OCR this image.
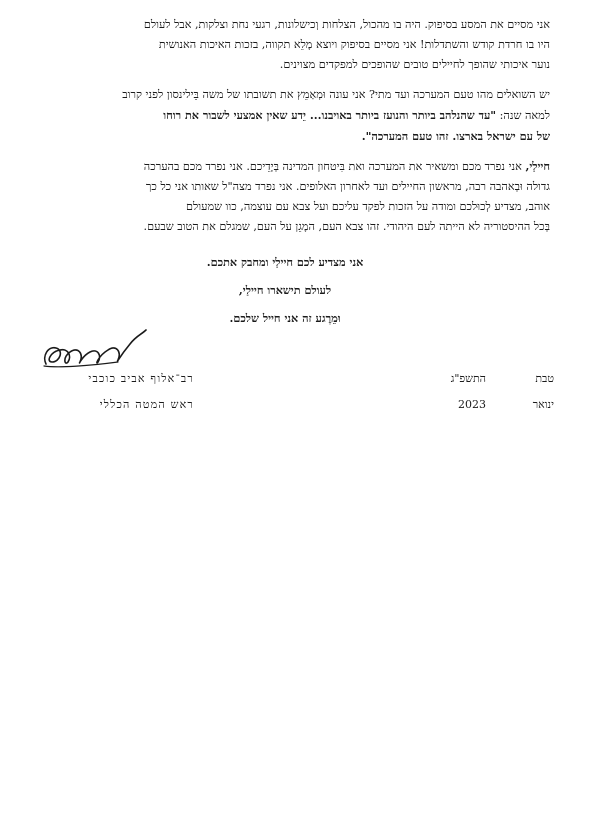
אני מסיים את המסע בסיפוק. היה בו מהכול, הצלחות וְכישלונות, רגעי נחת וצלקות, אבל לעולם

היו בו חרדת קודש והשתדלות! אני מסיים בסיפוק ויוצא מָלֵא תקווה, בזכות האיכות האנושית

נוער איכותי שהופך לחיילים טובים שהופכים למפקדים מצוינים.

יש השואלים מהו טעם המערכה ועד מתי? אני עונה וּמְאַמֵץ את תשובתו של משה בֵּילינסון לפני קרוב

למאה שנה: "עד שהנלהב ביותר והנועז ביותר באויבנו... יֵדע שאין אמצעי לשבור את רוחו

של עם ישראל בארצו. זהו טעם המערכה".

חיילַי, אני נפרד מכם ומשאיר את המערכה ואת בִּיטחון המדינה בְּיָדֵיכם. אני נפרד מכם בהערכה

גדולה וּבְאהבה רבה, מראשון החיילים ועד לאחרון האלופים. אני נפרד מצה"ל שאותו אני כל כך

אוהב, מצדיע לְכוּלכם ומודה על הזכות לפקד עליכם ועל צבא עם עוצמה, כוו שמעולם

בְּכל ההיסטוריה לא הייתה לעם היהודי. זהו צבא העם, המָגֵן על העם, שמגלם את הטוב שבעם.

אני מצדיע לכם חיילַי ומחבק אתכם.
לעולם תישארו חיילַי,
וּמֵרֶגע זה אני חייל שלכם.
רב־אלוף אביב כוכבי
ראש המטה הכללי
טבת
התשפ"ג
ינואר
2023
